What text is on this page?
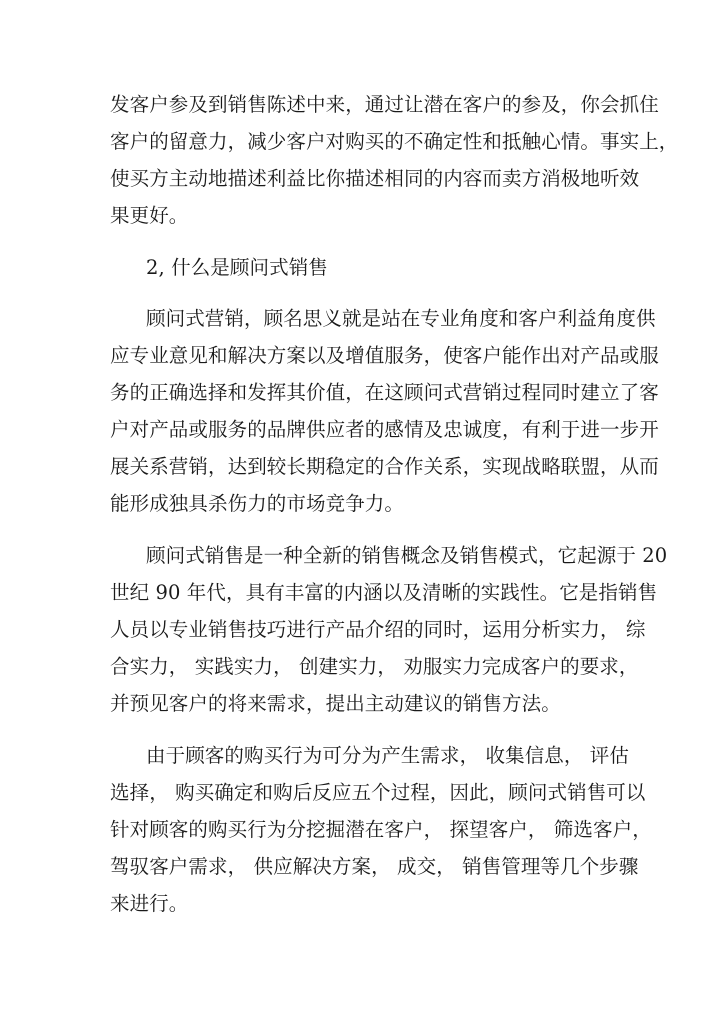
发客户参及到销售陈述中来，通过让潜在客户的参及，你会抓住
客户的留意力，减少客户对购买的不确定性和抵触心情。事实上，
使买方主动地描述利益比你描述相同的内容而卖方消极地听效
果更好。
2, 什么是顾问式销售
顾问式营销，顾名思义就是站在专业角度和客户利益角度供
应专业意见和解决方案以及增值服务，使客户能作出对产品或服
务的正确选择和发挥其价值，在这顾问式营销过程同时建立了客
户对产品或服务的品牌供应者的感情及忠诚度，有利于进一步开
展关系营销，达到较长期稳定的合作关系，实现战略联盟，从而
能形成独具杀伤力的市场竞争力。
顾问式销售是一种全新的销售概念及销售模式，它起源于 20
世纪 90 年代，具有丰富的内涵以及清晰的实践性。它是指销售
人员以专业销售技巧进行产品介绍的同时，运用分析实力， 综
合实力， 实践实力， 创建实力， 劝服实力完成客户的要求，
并预见客户的将来需求，提出主动建议的销售方法。
由于顾客的购买行为可分为产生需求， 收集信息， 评估
选择， 购买确定和购后反应五个过程，因此，顾问式销售可以
针对顾客的购买行为分挖掘潜在客户， 探望客户， 筛选客户，
驾驭客户需求， 供应解决方案， 成交， 销售管理等几个步骤
来进行。
